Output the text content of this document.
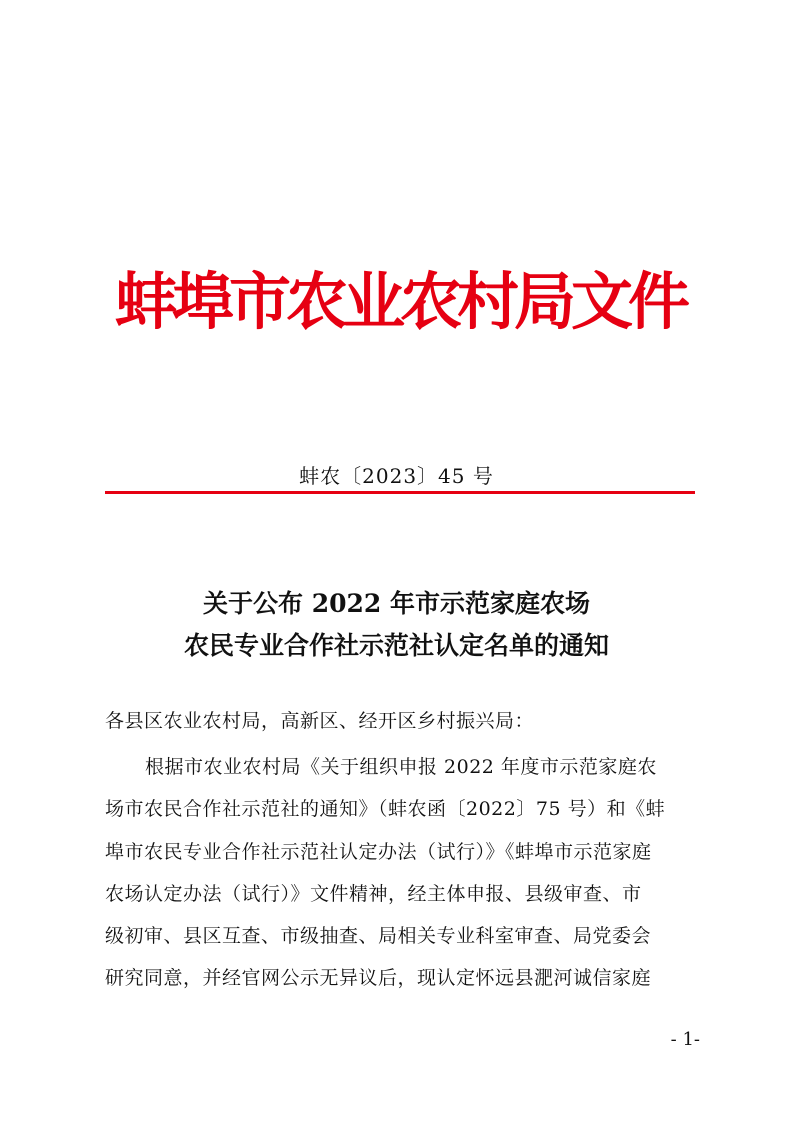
蚌埠市农业农村局文件
蚌农〔2023〕45 号
关于公布 2022 年市示范家庭农场
农民专业合作社示范社认定名单的通知
各县区农业农村局，高新区、经开区乡村振兴局：
根据市农业农村局《关于组织申报 2022 年度市示范家庭农
场市农民合作社示范社的通知》（蚌农函〔2022〕75 号）和《蚌
埠市农民专业合作社示范社认定办法（试行）》《蚌埠市示范家庭
农场认定办法（试行）》文件精神，经主体申报、县级审查、市
级初审、县区互查、市级抽查、局相关专业科室审查、局党委会
研究同意，并经官网公示无异议后，现认定怀远县淝河诚信家庭
- 1-
